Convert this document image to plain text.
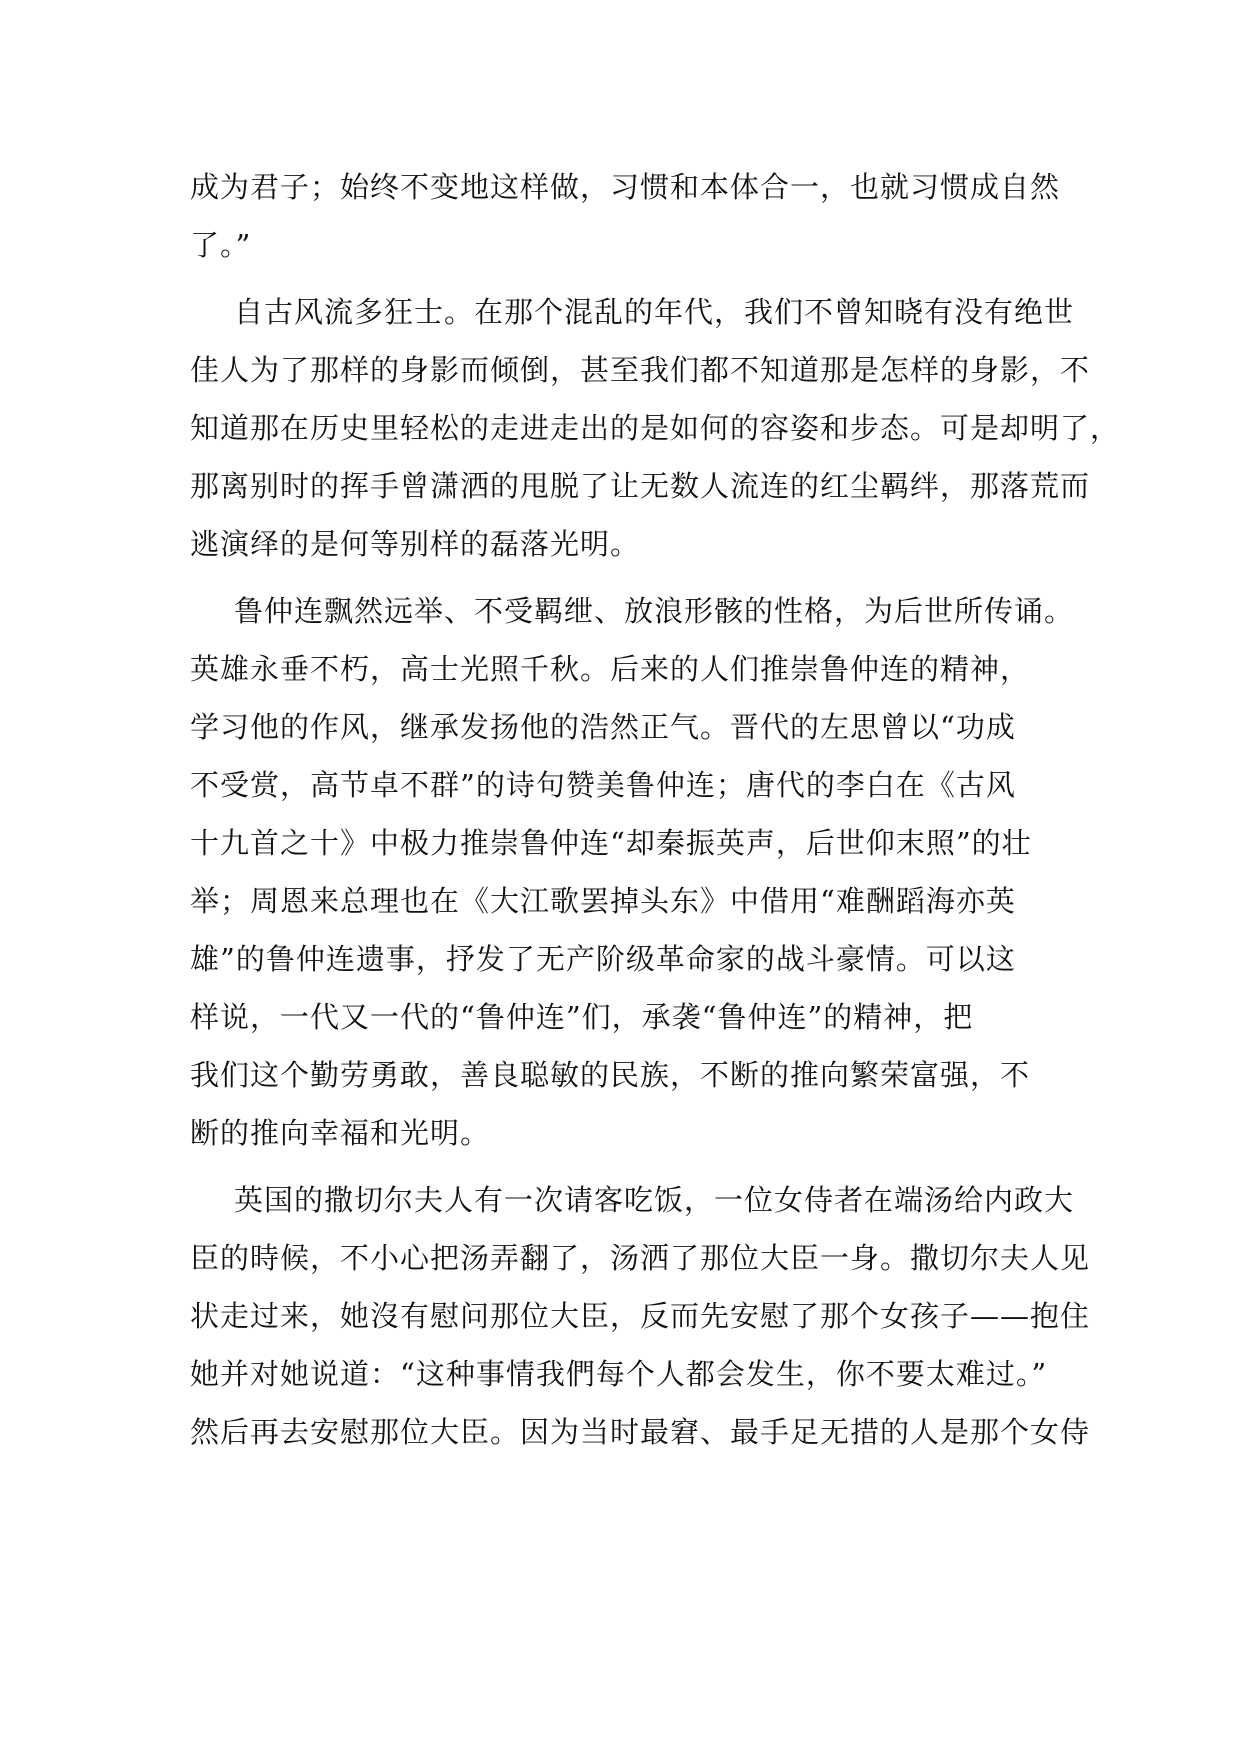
成为君子；始终不变地这样做，习惯和本体合一，也就习惯成自然
了。”
自古风流多狂士。在那个混乱的年代，我们不曾知晓有没有绝世
佳人为了那样的身影而倾倒，甚至我们都不知道那是怎样的身影，不
知道那在历史里轻松的走进走出的是如何的容姿和步态。可是却明了，
那离别时的挥手曾潇洒的甩脱了让无数人流连的红尘羁绊，那落荒而
逃演绎的是何等别样的磊落光明。
鲁仲连飘然远举、不受羁绁、放浪形骸的性格，为后世所传诵。
英雄永垂不朽，高士光照千秋。后来的人们推崇鲁仲连的精神，
学习他的作风，继承发扬他的浩然正气。晋代的左思曾以“功成
不受赏，高节卓不群”的诗句赞美鲁仲连；唐代的李白在《古风
十九首之十》中极力推崇鲁仲连“却秦振英声，后世仰末照”的壮
举；周恩来总理也在《大江歌罢掉头东》中借用“难酬蹈海亦英
雄”的鲁仲连遗事，抒发了无产阶级革命家的战斗豪情。可以这
样说，一代又一代的“鲁仲连”们，承袭“鲁仲连”的精神，把
我们这个勤劳勇敢，善良聪敏的民族，不断的推向繁荣富强，不
断的推向幸福和光明。
英国的撒切尔夫人有一次请客吃饭，一位女侍者在端汤给内政大
臣的時候，不小心把汤弄翻了，汤洒了那位大臣一身。撒切尔夫人见
状走过来，她沒有慰问那位大臣，反而先安慰了那个女孩子——抱住
她并对她说道：“这种事情我們每个人都会发生，你不要太难过。”
然后再去安慰那位大臣。因为当时最窘、最手足无措的人是那个女侍
